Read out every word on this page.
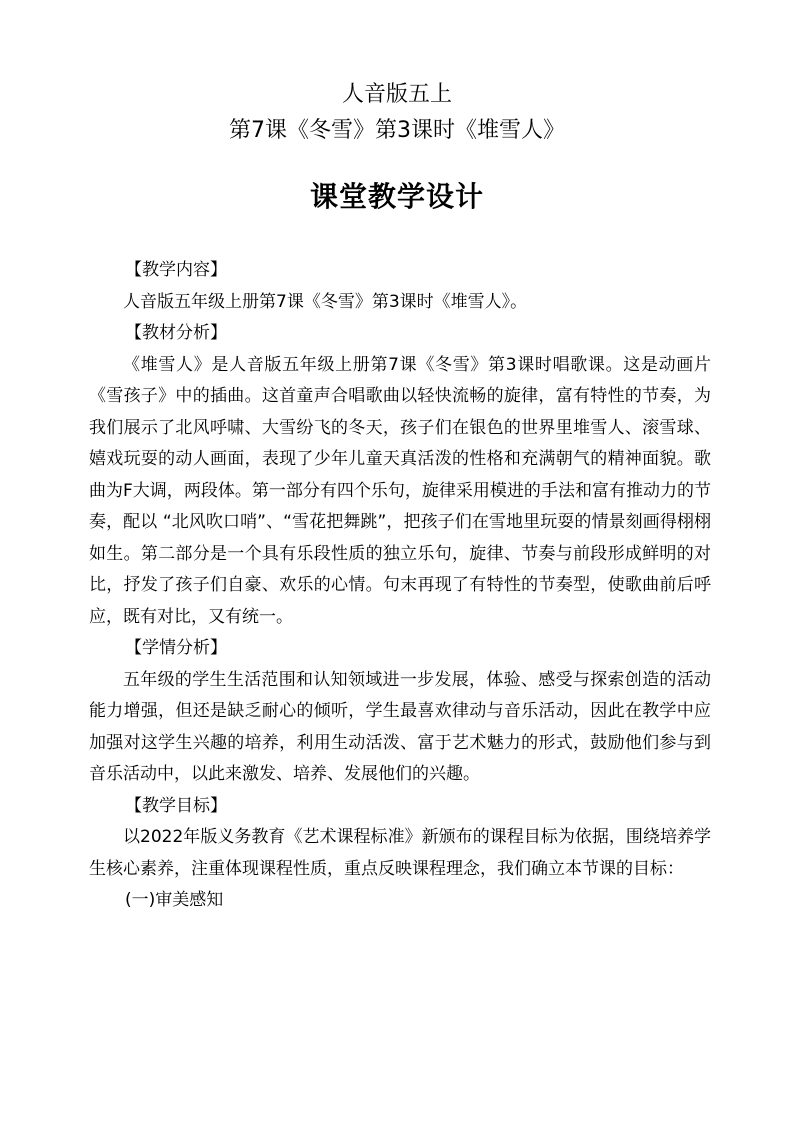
人音版五上
第7课《冬雪》第3课时《堆雪人》
课堂教学设计

【教学内容】

人音版五年级上册第7课《冬雪》第3课时《堆雪人》。

【教材分析】

《堆雪人》是人音版五年级上册第7课《冬雪》第3课时唱歌课。这是动画片《雪孩子》中的插曲。这首童声合唱歌曲以轻快流畅的旋律，富有特性的节奏，为我们展示了北风呼啸、大雪纷飞的冬天，孩子们在银色的世界里堆雪人、滚雪球、嬉戏玩耍的动人画面，表现了少年儿童天真活泼的性格和充满朝气的精神面貌。歌曲为F大调，两段体。第一部分有四个乐句，旋律采用模进的手法和富有推动力的节奏，配以 “北风吹口哨”、“雪花把舞跳”，把孩子们在雪地里玩耍的情景刻画得栩栩如生。第二部分是一个具有乐段性质的独立乐句，旋律、节奏与前段形成鲜明的对比，抒发了孩子们自豪、欢乐的心情。句末再现了有特性的节奏型，使歌曲前后呼应，既有对比，又有统一。

【学情分析】

五年级的学生生活范围和认知领域进一步发展，体验、感受与探索创造的活动能力增强，但还是缺乏耐心的倾听，学生最喜欢律动与音乐活动，因此在教学中应加强对这学生兴趣的培养，利用生动活泼、富于艺术魅力的形式，鼓励他们参与到音乐活动中，以此来激发、培养、发展他们的兴趣。

【教学目标】

以2022年版义务教育《艺术课程标准》新颁布的课程目标为依据，围绕培养学生核心素养，注重体现课程性质，重点反映课程理念，我们确立本节课的目标：

(一)审美感知
